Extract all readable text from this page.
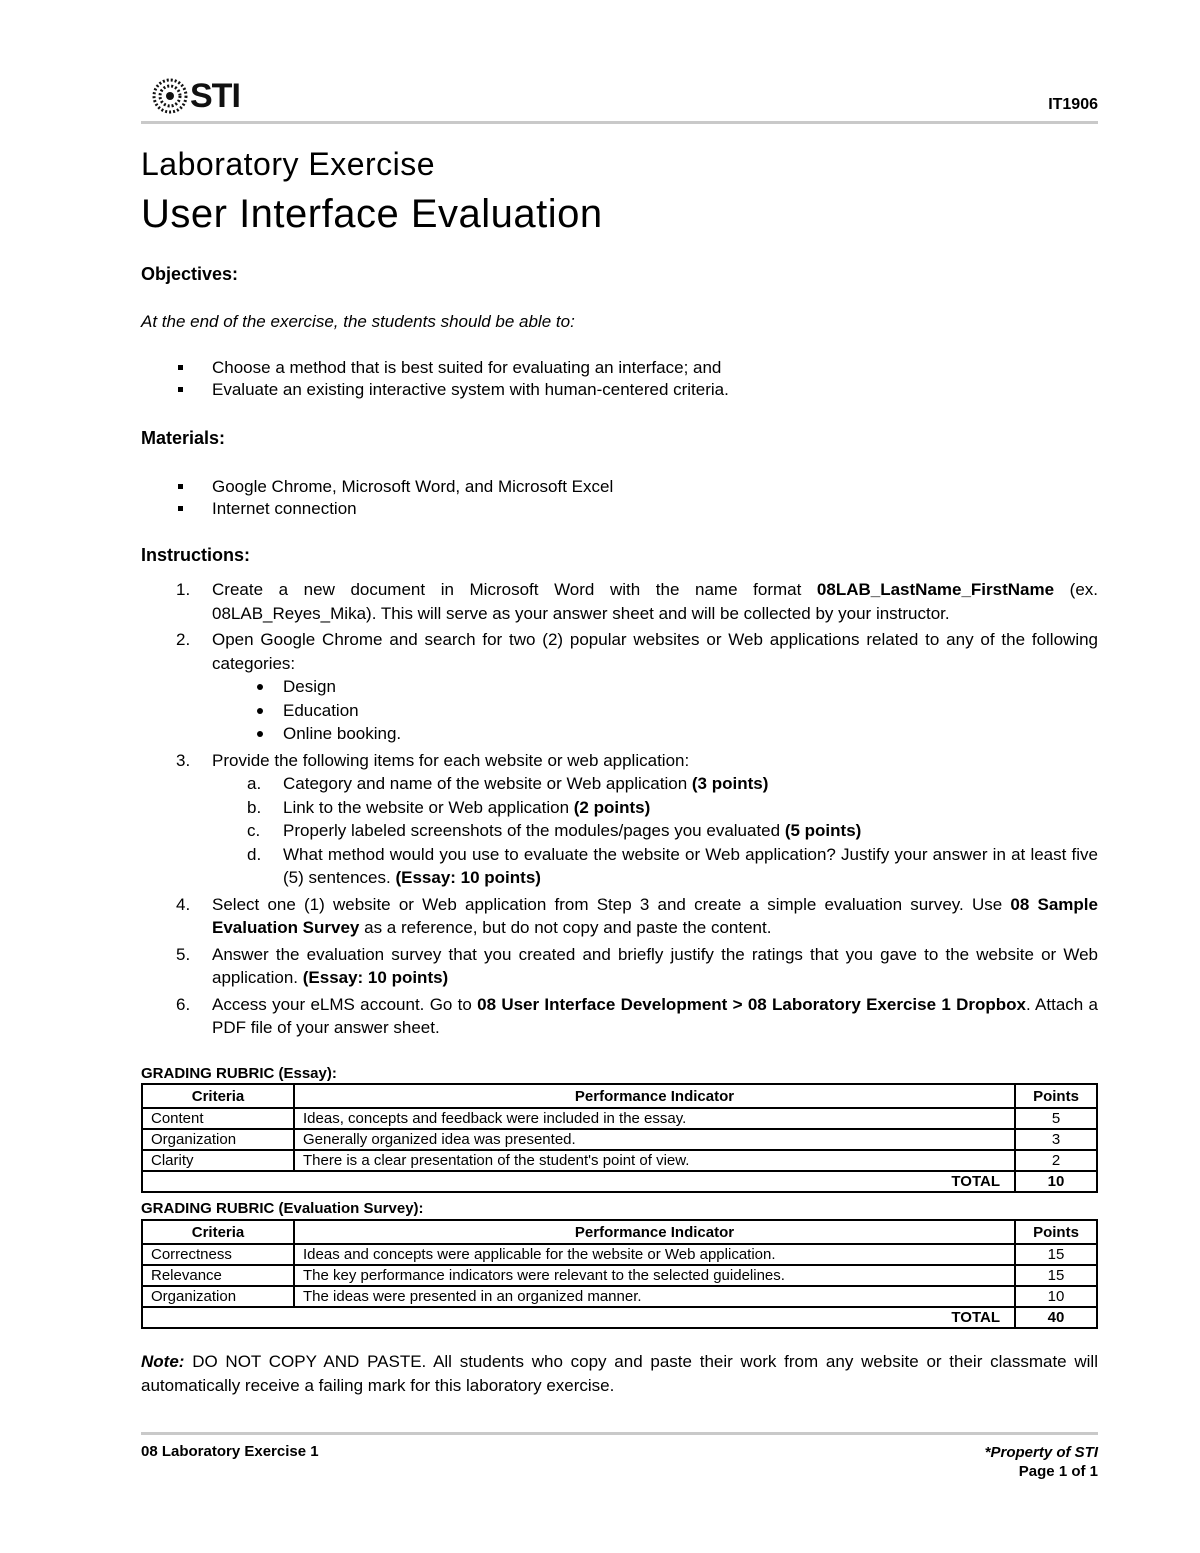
STI	IT1906
Laboratory Exercise
User Interface Evaluation
Objectives:
At the end of the exercise, the students should be able to:
Choose a method that is best suited for evaluating an interface; and
Evaluate an existing interactive system with human-centered criteria.
Materials:
Google Chrome, Microsoft Word, and Microsoft Excel
Internet connection
Instructions:
1. Create a new document in Microsoft Word with the name format 08LAB_LastName_FirstName (ex. 08LAB_Reyes_Mika). This will serve as your answer sheet and will be collected by your instructor.
2. Open Google Chrome and search for two (2) popular websites or Web applications related to any of the following categories:
Design
Education
Online booking.
3. Provide the following items for each website or web application:
a. Category and name of the website or Web application (3 points)
b. Link to the website or Web application (2 points)
c. Properly labeled screenshots of the modules/pages you evaluated (5 points)
d. What method would you use to evaluate the website or Web application? Justify your answer in at least five (5) sentences. (Essay: 10 points)
4. Select one (1) website or Web application from Step 3 and create a simple evaluation survey. Use 08 Sample Evaluation Survey as a reference, but do not copy and paste the content.
5. Answer the evaluation survey that you created and briefly justify the ratings that you gave to the website or Web application. (Essay: 10 points)
6. Access your eLMS account. Go to 08 User Interface Development > 08 Laboratory Exercise 1 Dropbox. Attach a PDF file of your answer sheet.
GRADING RUBRIC (Essay):
Criteria	Performance Indicator	Points
Content	Ideas, concepts and feedback were included in the essay.	5
Organization	Generally organized idea was presented.	3
Clarity	There is a clear presentation of the student's point of view.	2
TOTAL		10
GRADING RUBRIC (Evaluation Survey):
Criteria	Performance Indicator	Points
Correctness	Ideas and concepts were applicable for the website or Web application.	15
Relevance	The key performance indicators were relevant to the selected guidelines.	15
Organization	The ideas were presented in an organized manner.	10
TOTAL		40
Note: DO NOT COPY AND PASTE. All students who copy and paste their work from any website or their classmate will automatically receive a failing mark for this laboratory exercise.
08 Laboratory Exercise 1	*Property of STI
Page 1 of 1
